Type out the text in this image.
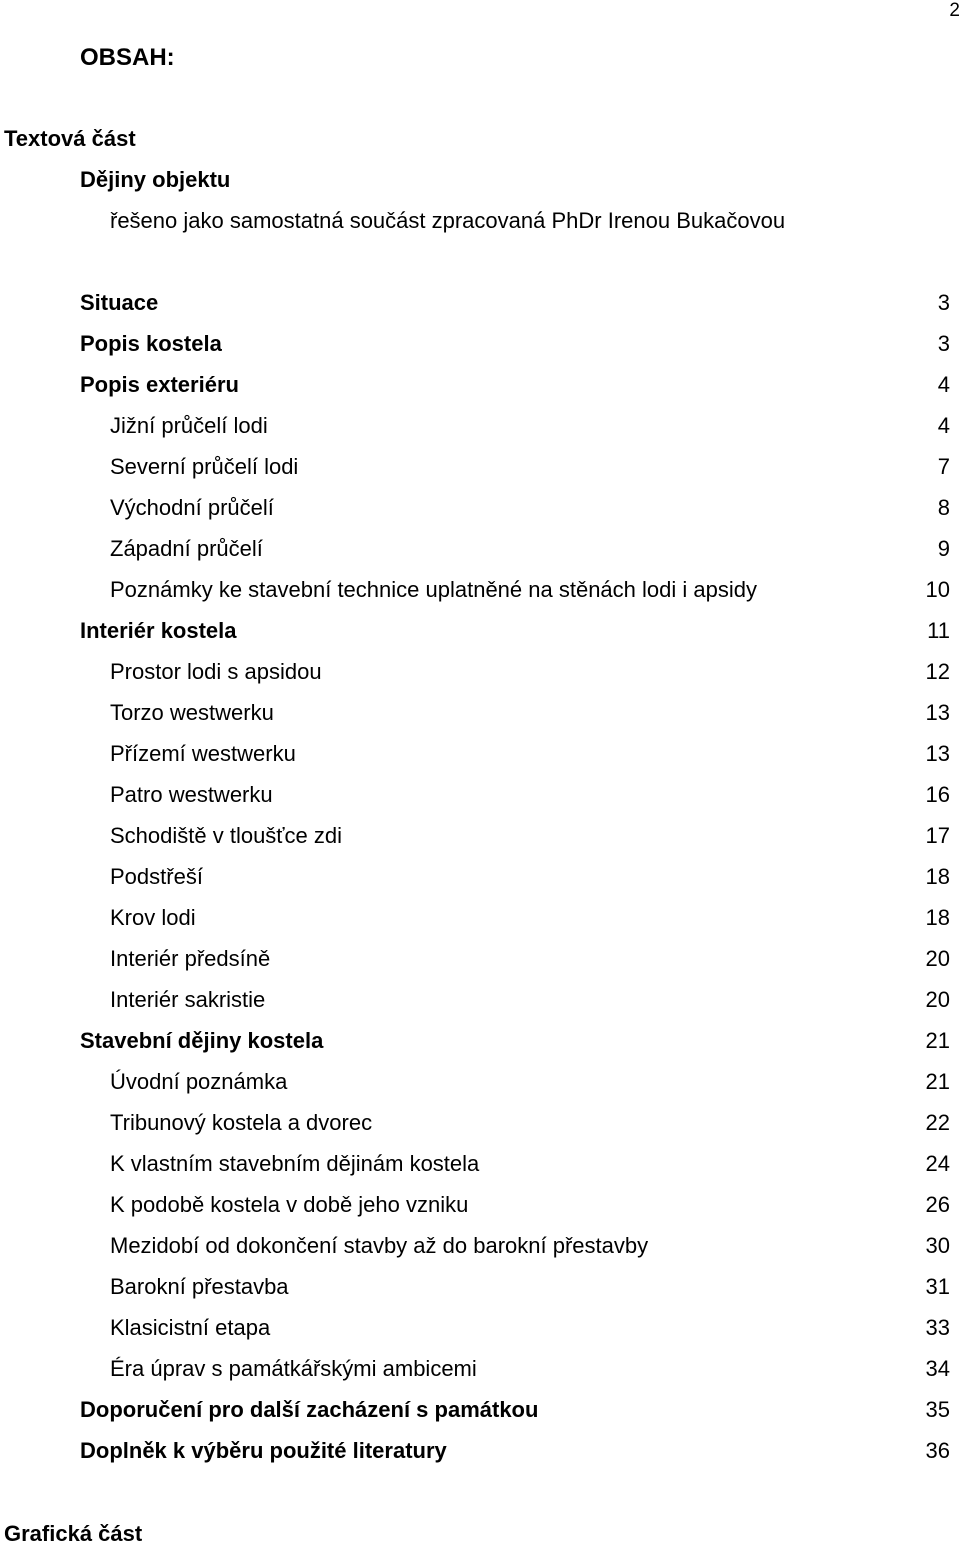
2
OBSAH:
Textová část
Dějiny objektu
řešeno jako samostatná součást zpracovaná PhDr Irenou Bukačovou
Situace	3
Popis kostela	3
Popis exteriéru	4
Jižní průčelí lodi	4
Severní průčelí lodi	7
Východní průčelí	8
Západní průčelí	9
Poznámky ke stavební technice uplatněné na stěnách lodi i apsidy	10
Interiér kostela	11
Prostor lodi s apsidou	12
Torzo westwerku	13
Přízemí westwerku	13
Patro westwerku	16
Schodiště v tloušťce zdi	17
Podstřeší	18
Krov lodi	18
Interiér předsíně	20
Interiér sakristie	20
Stavební dějiny kostela	21
Úvodní poznámka	21
Tribunový kostela a dvorec	22
K vlastním stavebním dějinám kostela	24
K podobě kostela v době jeho vzniku	26
Mezidobí od dokončení stavby až do barokní přestavby	30
Barokní přestavba	31
Klasicistní etapa	33
Éra úprav s památkářskými ambicemi	34
Doporučení pro další zacházení s památkou	35
Doplněk k výběru použité literatury	36
Grafická část
